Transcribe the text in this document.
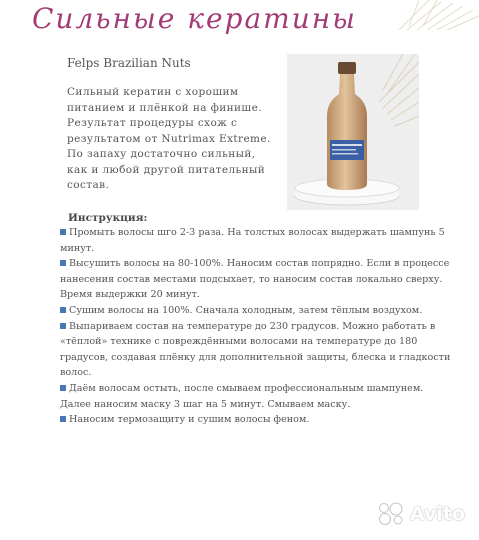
Сильные кератины
Felps Brazilian Nuts

Сильный кератин с хорошим питанием и плёнкой на финише. Результат процедуры схож с результатом от Nutrimax Extreme. По запаху достаточно сильный, как и любой другой питательный состав.

Инструкция:
Промыть волосы шго 2-3 раза. На толстых волосах выдержать шампунь 5 минут.
Высушить волосы на 80-100%. Наносим состав попрядно. Если в процессе нанесения состав местами подсыхает, то наносим состав локально сверху. Время выдержки 20 минут.
Сушим волосы на 100%. Сначала холодным, затем тёплым воздухом.
Выпариваем состав на температуре до 230 градусов. Можно работать в «тёплой» технике с повреждёнными волосами на температуре до 180 градусов, создавая плёнку для дополнительной защиты, блеска и гладкости волос.
Даём волосам остыть, после смываем профессиональным шампунем. Далее наносим маску 3 шаг на 5 минут. Смываем маску.
Наносим термозащиту и сушим волосы феном.
Avito
